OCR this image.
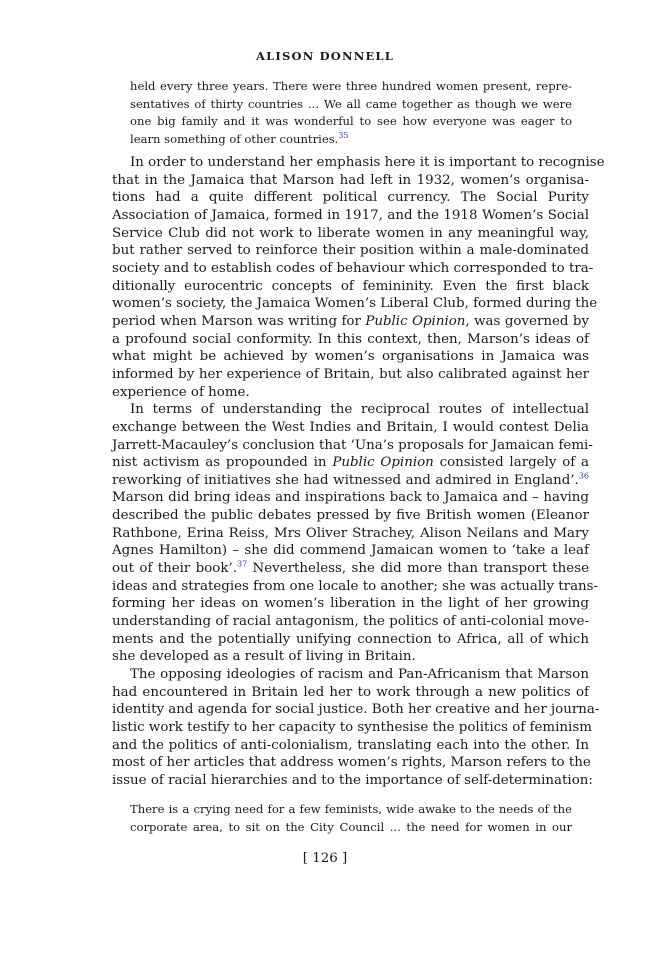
ALISON DONNELL
held every three years. There were three hundred women present, repre-
sentatives of thirty countries ... We all came together as though we were
one big family and it was wonderful to see how everyone was eager to
learn something of other countries.$^{35}$
In order to understand her emphasis here it is important to recognise
that in the Jamaica that Marson had left in 1932, women’s organisa-
tions had a quite different political currency. The Social Purity
Association of Jamaica, formed in 1917, and the 1918 Women’s Social
Service Club did not work to liberate women in any meaningful way,
but rather served to reinforce their position within a male-dominated
society and to establish codes of behaviour which corresponded to tra-
ditionally eurocentric concepts of femininity. Even the first black
women’s society, the Jamaica Women’s Liberal Club, formed during the
period when Marson was writing for Public Opinion, was governed by
a profound social conformity. In this context, then, Marson’s ideas of
what might be achieved by women’s organisations in Jamaica was
informed by her experience of Britain, but also calibrated against her
experience of home.
In terms of understanding the reciprocal routes of intellectual
exchange between the West Indies and Britain, I would contest Delia
Jarrett-Macauley’s conclusion that ‘Una’s proposals for Jamaican femi-
nist activism as propounded in Public Opinion consisted largely of a
reworking of initiatives she had witnessed and admired in England’.$^{36}$
Marson did bring ideas and inspirations back to Jamaica and – having
described the public debates pressed by five British women (Eleanor
Rathbone, Erina Reiss, Mrs Oliver Strachey, Alison Neilans and Mary
Agnes Hamilton) – she did commend Jamaican women to ‘take a leaf
out of their book’.$^{37}$ Nevertheless, she did more than transport these
ideas and strategies from one locale to another; she was actually trans-
forming her ideas on women’s liberation in the light of her growing
understanding of racial antagonism, the politics of anti-colonial move-
ments and the potentially unifying connection to Africa, all of which
she developed as a result of living in Britain.
The opposing ideologies of racism and Pan-Africanism that Marson
had encountered in Britain led her to work through a new politics of
identity and agenda for social justice. Both her creative and her journa-
listic work testify to her capacity to synthesise the politics of feminism
and the politics of anti-colonialism, translating each into the other. In
most of her articles that address women’s rights, Marson refers to the
issue of racial hierarchies and to the importance of self-determination:
There is a crying need for a few feminists, wide awake to the needs of the
corporate area, to sit on the City Council ... the need for women in our
[ 126 ]
